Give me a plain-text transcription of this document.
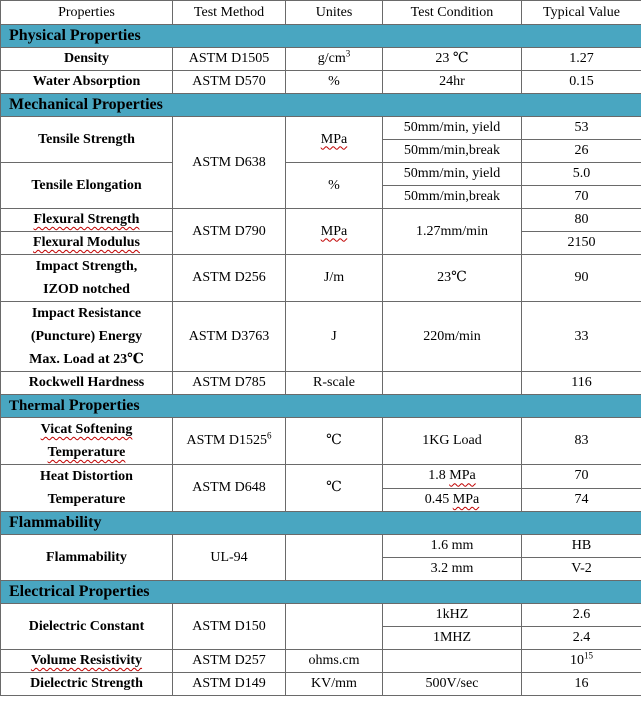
Properties	Test Method	Unites	Test Condition	Typical Value
Physical Properties				
Density	ASTM D1505	$g/cm^3$	23 ℃	1.27
Water Absorption	ASTM D570	%	24hr	0.15
Mechanical Properties				
Tensile Strength	ASTM D638	MPa	50mm/min, yield	53
			50mm/min,break	26
Tensile Elongation		%	50mm/min, yield	5.0
			50mm/min,break	70
Flexural Strength	ASTM D790	MPa	1.27mm/min	80
Flexural Modulus				2150

Impact Strength,
IZOD notched	ASTM D256	J/m	23℃	90

Impact Resistance
(Puncture) Energy
Max. Load at 23℃	ASTM D3763	J	220m/min	33
Rockwell Hardness	ASTM D785	R-scale		116
Thermal Properties				

Vicat Softening
Temperature	ASTM D1525$^6$	℃	1KG Load	83

Heat Distortion
Temperature	ASTM D648	℃	1.8 MPa	70
			0.45 MPa	74
Flammability				
Flammability	UL-94		1.6 mm	HB
			3.2 mm	V-2
Electrical Properties				
Dielectric Constant	ASTM D150		1kHZ	2.6
			1MHZ	2.4
Volume Resistivity	ASTM D257	ohms.cm		$10^{15}$
Dielectric Strength	ASTM D149	KV/mm	500V/sec	16
